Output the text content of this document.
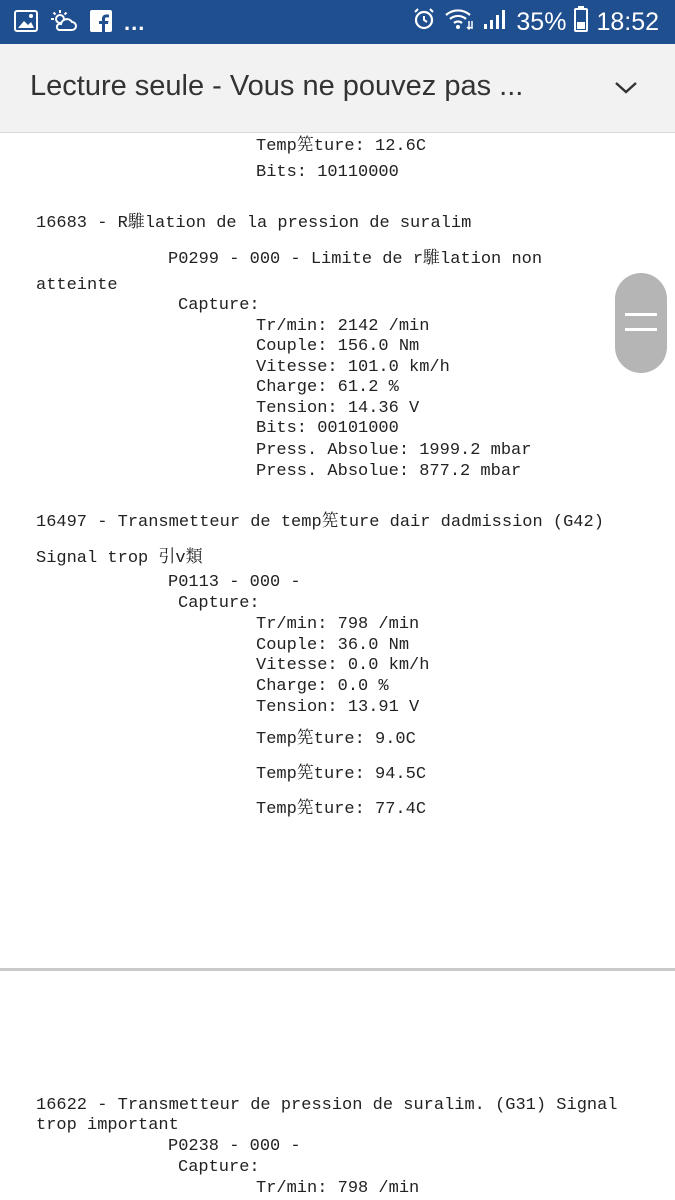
...	35% 18:52
Lecture seule - Vous ne pouvez pas ...
Temp筅ture: 12.6C
Bits: 10110000
16683 - R騅lation de la pression de suralim
P0299 - 000 - Limite de r騅lation non
atteinte
Capture:
Tr/min: 2142 /min
Couple: 156.0 Nm
Vitesse: 101.0 km/h
Charge: 61.2 %
Tension: 14.36 V
Bits: 00101000
Press. Absolue: 1999.2 mbar
Press. Absolue: 877.2 mbar
16497 - Transmetteur de temp筅ture dair dadmission (G42)
Signal trop 引v類
P0113 - 000 -
Capture:
Tr/min: 798 /min
Couple: 36.0 Nm
Vitesse: 0.0 km/h
Charge: 0.0 %
Tension: 13.91 V
Temp筅ture: 9.0C
Temp筅ture: 94.5C
Temp筅ture: 77.4C
16622 - Transmetteur de pression de suralim. (G31) Signal
trop important
P0238 - 000 -
Capture:
Tr/min: 798 /min
